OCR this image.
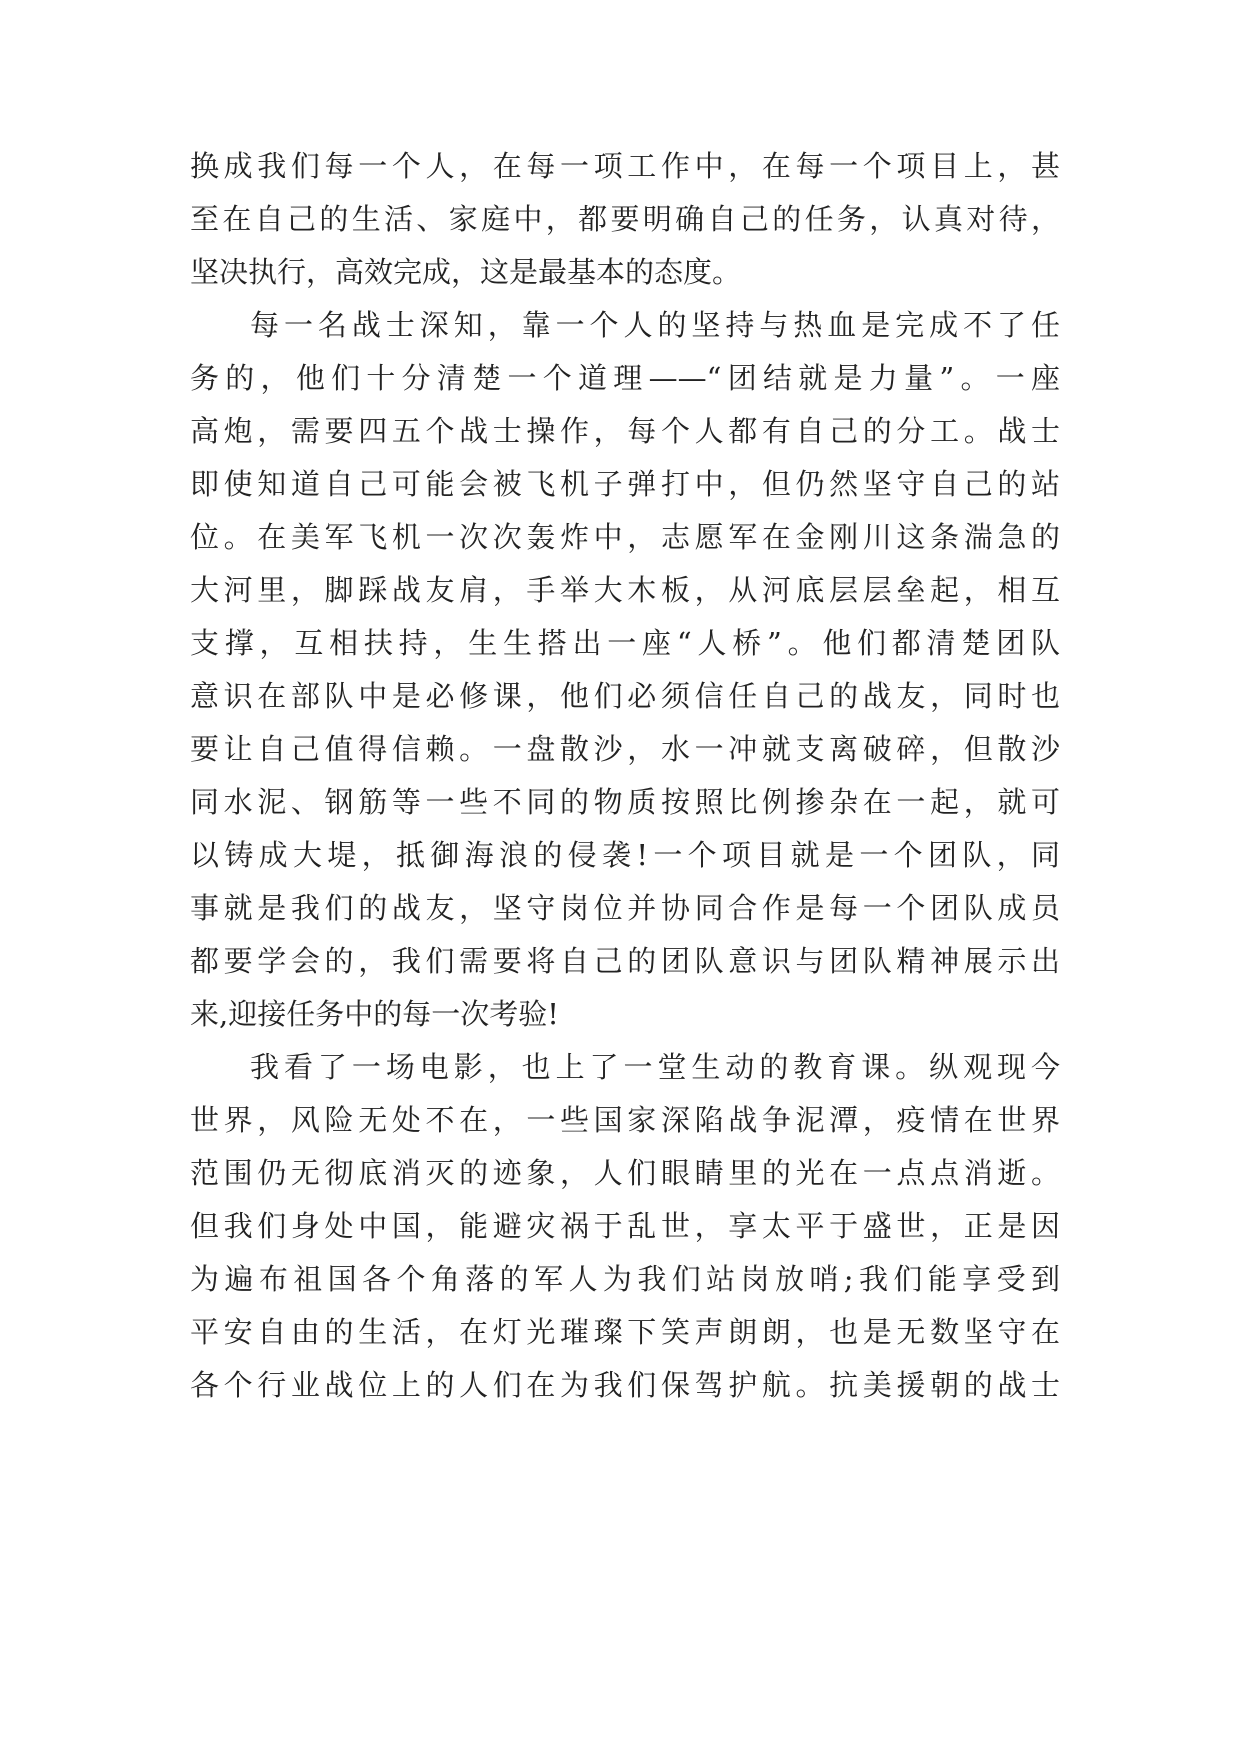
换成我们每一个人，在每一项工作中，在每一个项目上，甚
至在自己的生活、家庭中，都要明确自己的任务，认真对待，
坚决执行，高效完成，这是最基本的态度。
每一名战士深知，靠一个人的坚持与热血是完成不了任
务的，他们十分清楚一个道理——“团结就是力量”。一座
高炮，需要四五个战士操作，每个人都有自己的分工。战士
即使知道自己可能会被飞机子弹打中，但仍然坚守自己的站
位。在美军飞机一次次轰炸中，志愿军在金刚川这条湍急的
大河里，脚踩战友肩，手举大木板，从河底层层垒起，相互
支撑，互相扶持，生生搭出一座“人桥”。他们都清楚团队
意识在部队中是必修课，他们必须信任自己的战友，同时也
要让自己值得信赖。一盘散沙，水一冲就支离破碎，但散沙
同水泥、钢筋等一些不同的物质按照比例掺杂在一起，就可
以铸成大堤，抵御海浪的侵袭!一个项目就是一个团队，同
事就是我们的战友，坚守岗位并协同合作是每一个团队成员
都要学会的，我们需要将自己的团队意识与团队精神展示出
来,迎接任务中的每一次考验!
我看了一场电影，也上了一堂生动的教育课。纵观现今
世界，风险无处不在，一些国家深陷战争泥潭，疫情在世界
范围仍无彻底消灭的迹象，人们眼睛里的光在一点点消逝。
但我们身处中国，能避灾祸于乱世，享太平于盛世，正是因
为遍布祖国各个角落的军人为我们站岗放哨;我们能享受到
平安自由的生活，在灯光璀璨下笑声朗朗，也是无数坚守在
各个行业战位上的人们在为我们保驾护航。抗美援朝的战士
